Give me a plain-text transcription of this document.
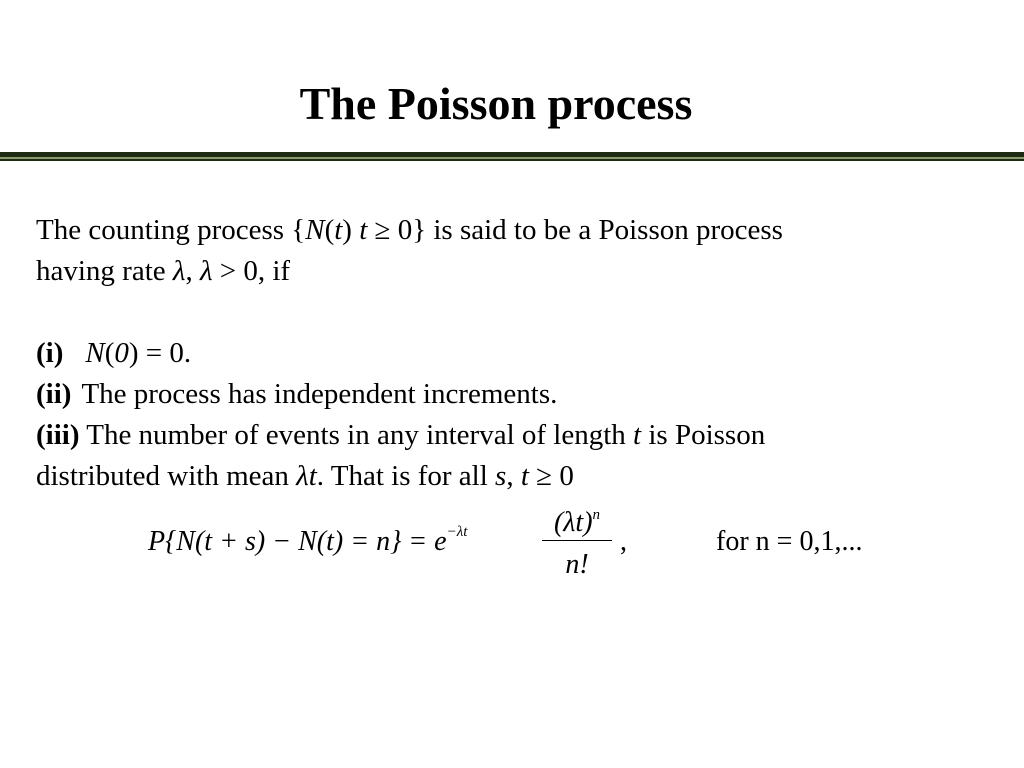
The Poisson process
The counting process {N(t) t ≥ 0} is said to be a Poisson process
having rate λ, λ > 0, if
(i) N(0) = 0.
(ii) The process has independent increments.
(iii) The number of events in any interval of length t is Poisson
distributed with mean λt. That is for all s, t ≥ 0
$P\{N(t + s) - N(t) = n\} = e^{-\lambda t}$	$(\lambda t)^n$
n!
,	for n = 0,1,...
